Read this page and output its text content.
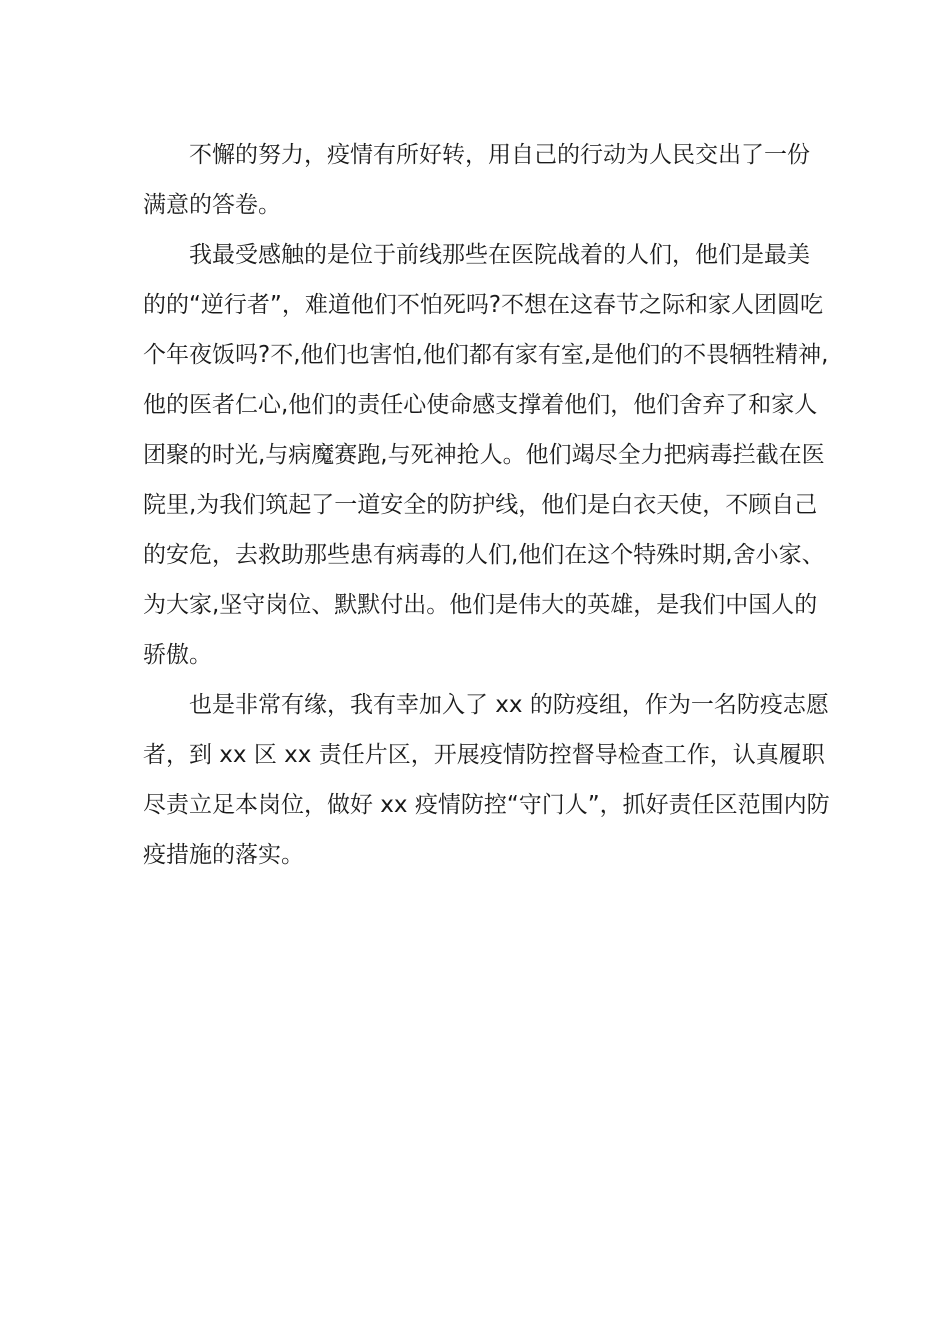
不懈的努力，疫情有所好转，用自己的行动为人民交出了一份
满意的答卷。
我最受感触的是位于前线那些在医院战着的人们，他们是最美
的的“逆行者”，难道他们不怕死吗?不想在这春节之际和家人团圆吃
个年夜饭吗?不,他们也害怕,他们都有家有室,是他们的不畏牺牲精神,
他的医者仁心,他们的责任心使命感支撑着他们，他们舍弃了和家人
团聚的时光,与病魔赛跑,与死神抢人。他们竭尽全力把病毒拦截在医
院里,为我们筑起了一道安全的防护线，他们是白衣天使，不顾自己
的安危，去救助那些患有病毒的人们,他们在这个特殊时期,舍小家、
为大家,坚守岗位、默默付出。他们是伟大的英雄，是我们中国人的
骄傲。
也是非常有缘，我有幸加入了 xx 的防疫组，作为一名防疫志愿
者，到 xx 区 xx 责任片区，开展疫情防控督导检查工作，认真履职
尽责立足本岗位，做好 xx 疫情防控“守门人”，抓好责任区范围内防
疫措施的落实。
